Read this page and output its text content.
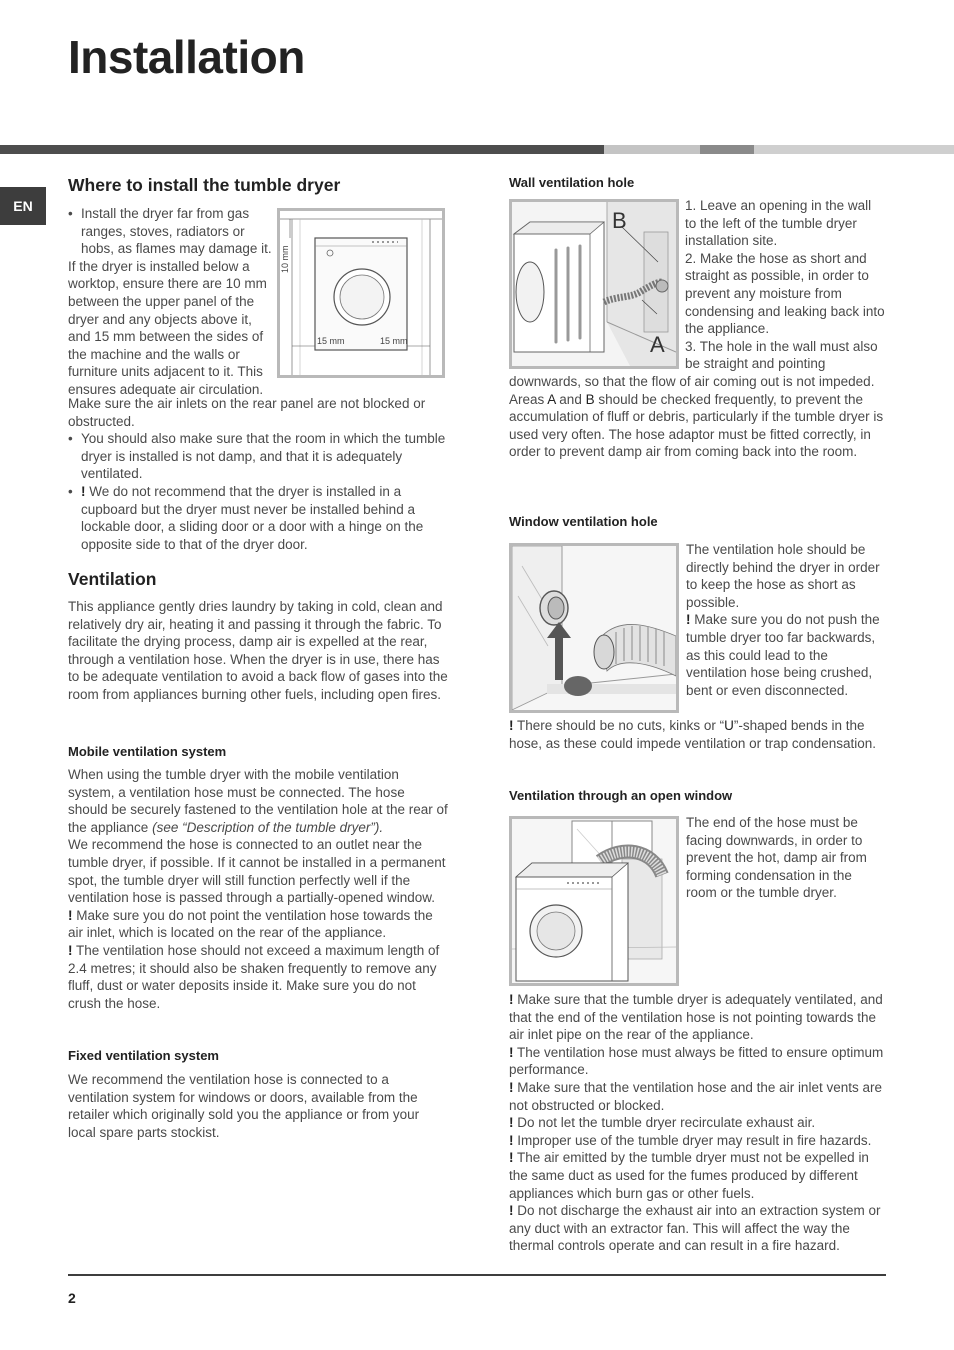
Installation
EN
Where to install the tumble dryer

• Install the dryer far from gas ranges, stoves, radiators or hobs, as flames may damage it.

If the dryer is installed below a worktop, ensure there are 10 mm between the upper panel of the dryer and any objects above it, and 15 mm between the sides of the machine and the walls or furniture units adjacent to it. This ensures adequate air circulation.

10 mm
15 mm	15 mm

Make sure the air inlets on the rear panel are not blocked or obstructed.

• You should also make sure that the room in which the tumble dryer is installed is not damp, and that it is adequately ventilated.

• ! We do not recommend that the dryer is installed in a cupboard but the dryer must never be installed behind a lockable door, a sliding door or a door with a hinge on the opposite side to that of the dryer door.

Ventilation
This appliance gently dries laundry by taking in cold, clean and relatively dry air, heating it and passing it through the fabric. To facilitate the drying process, damp air is expelled at the rear, through a ventilation hose. When the dryer is in use, there has to be adequate ventilation to avoid a back flow of gases into the room from appliances burning other fuels, including open fires.
Mobile ventilation system

When using the tumble dryer with the mobile ventilation system, a ventilation hose must be connected. The hose should be securely fastened to the ventilation hole at the rear of the appliance (see “Description of the tumble dryer”).

We recommend the hose is connected to an outlet near the tumble dryer, if possible. If it cannot be installed in a permanent spot, the tumble dryer will still function perfectly well if the ventilation hose is passed through a partially-opened window.

! Make sure you do not point the ventilation hose towards the air inlet, which is located on the rear of the appliance.

! The ventilation hose should not exceed a maximum length of 2.4 metres; it should also be shaken frequently to remove any fluff, dust or water deposits inside it. Make sure you do not crush the hose.

Fixed ventilation system
We recommend the ventilation hose is connected to a ventilation system for windows or doors, available from the retailer which originally sold you the appliance or from your local spare parts stockist.
Wall ventilation hole
B
A

1. Leave an opening in the wall to the left of the tumble dryer installation site.

2. Make the hose as short and straight as possible, in order to prevent any moisture from condensing and leaking back into the appliance.

3. The hole in the wall must also be straight and pointing

downwards, so that the flow of air coming out is not impeded.

Areas A and B should be checked frequently, to prevent the accumulation of fluff or debris, particularly if the tumble dryer is used very often. The hose adaptor must be fitted correctly, in order to prevent damp air from coming back into the room.

Window ventilation hole

The ventilation hole should be directly behind the dryer in order to keep the hose as short as possible.

! Make sure you do not push the tumble dryer too far backwards, as this could lead to the ventilation hose being crushed, bent or even disconnected.

! There should be no cuts, kinks or “U”-shaped bends in the hose, as these could impede ventilation or trap condensation.

Ventilation through an open window
The end of the hose must be facing downwards, in order to prevent the hot, damp air from forming condensation in the room or the tumble dryer.

! Make sure that the tumble dryer is adequately ventilated, and that the end of the ventilation hose is not pointing towards the air inlet pipe on the rear of the appliance.

! The ventilation hose must always be fitted to ensure optimum performance.

! Make sure that the ventilation hose and the air inlet vents are not obstructed or blocked.

! Do not let the tumble dryer recirculate exhaust air.

! Improper use of the tumble dryer may result in fire hazards.

! The air emitted by the tumble dryer must not be expelled in the same duct as used for the fumes produced by different appliances which burn gas or other fuels.

! Do not discharge the exhaust air into an extraction system or any duct with an extractor fan. This will affect the way the thermal controls operate and can result in a fire hazard.

2
